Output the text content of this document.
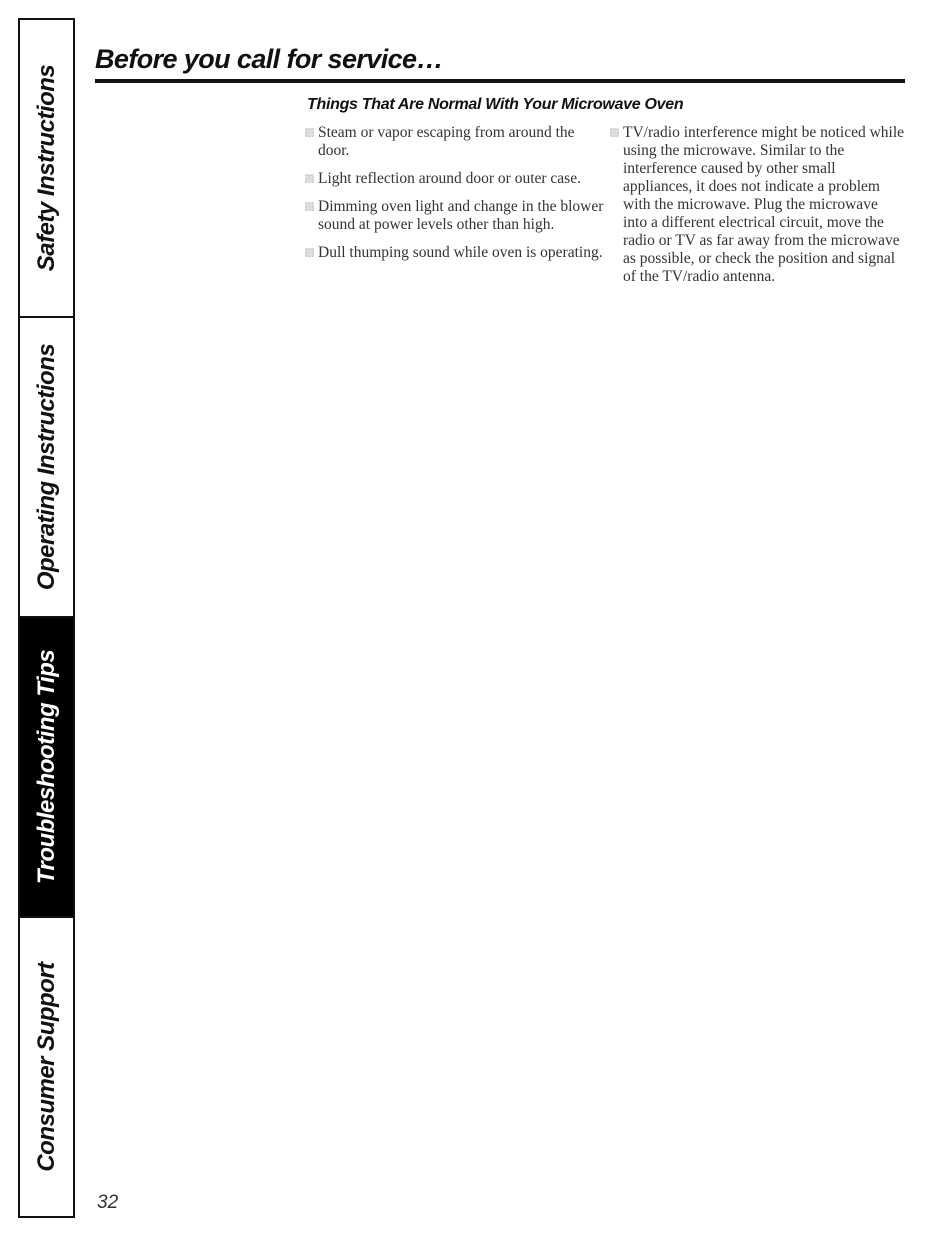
Safety Instructions
Operating Instructions
Troubleshooting Tips
Consumer Support
Before you call for service…
Things That Are Normal With Your Microwave Oven
Steam or vapor escaping from around the door.
Light reflection around door or outer case.
Dimming oven light and change in the blower sound at power levels other than high.
Dull thumping sound while oven is operating.
TV/radio interference might be noticed while using the microwave. Similar to the interference caused by other small appliances, it does not indicate a problem with the microwave. Plug the microwave into a different electrical circuit, move the radio or TV as far away from the microwave as possible, or check the position and signal of the TV/radio antenna.
32
